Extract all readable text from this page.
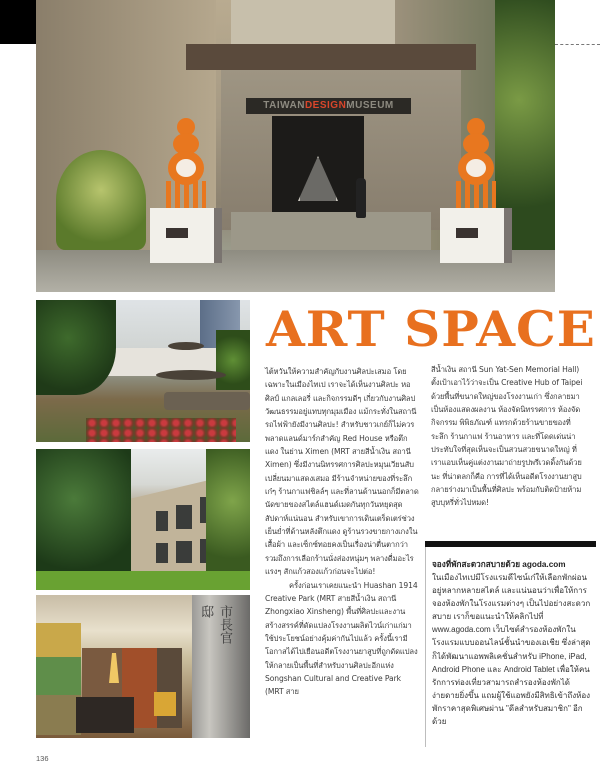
TAIWANDESIGNMUSEUM
市長官邸
ART SPACE

ไต้หวันให้ความสำคัญกับงานศิลปะเสมอ โดยเฉพาะในเมืองไทเป เราจะได้เห็นงานศิลปะ หอศิลป์ แกลเลอรี่ และกิจกรรมดีๆ เกี่ยวกับงานศิลปวัฒนธรรมอยู่แทบทุกมุมเมือง แม้กระทั่งในสถานีรถไฟฟ้ายังมีงานศิลปะ! สำหรับชาวเกย์ก็ไม่ควรพลาดแลนด์มาร์กสำคัญ Red House หรือตึกแดง ในย่าน Ximen (MRT สายสีน้ำเงิน สถานี Ximen) ซึ่งมีงานนิทรรศการศิลปะหมุนเวียนสับเปลี่ยนมาแสดงเสมอ มีร้านจำหน่ายของที่ระลึกเก๋ๆ ร้านกาแฟชิลล์ๆ และที่ลานด้านนอกก็มีตลาดนัดขายของสไตล์แฮนด์เมดกันทุกวันหยุดสุดสัปดาห์แน่นอน สำหรับเขาการเดินเตร็ดเตร่ช่วงเย็นย่ำที่ด้านหลังตึกแดง ดูร้านรวงขายกางเกงใน เสื้อผ้า และเซ็กซ์ทอยคงเป็นเรื่องน่าตื่นตากว่า รวมถึงการเลือกร้านนั่งส่องหนุ่มๆ พลางดื่มอะไรแรงๆ สักแก้วสองแก้วก่อนจะไปต่อ!

ครั้งก่อนเราเคยแนะนำ Huashan 1914 Creative Park (MRT สายสีน้ำเงิน สถานี Zhongxiao Xinsheng) พื้นที่ศิลปะและงานสร้างสรรค์ที่ดัดแปลงโรงงานผลิตไวน์เก่าแก่มาใช้ประโยชน์อย่างคุ้มค่ากันไปแล้ว ครั้งนี้เรามีโอกาสได้ไปเยือนอดีตโรงงานยาสูบที่ถูกดัดแปลงให้กลายเป็นพื้นที่สำหรับงานศิลปะอีกแห่ง Songshan Cultural and Creative Park (MRT สาย

สีน้ำเงิน สถานี Sun Yat-Sen Memorial Hall) ตั้งเป้าเอาไว้ว่าจะเป็น Creative Hub of Taipei ด้วยพื้นที่ขนาดใหญ่ของโรงงานเก่า ซึ่งกลายมาเป็นห้องแสดงผลงาน ห้องจัดนิทรรศการ ห้องจัดกิจกรรม พิพิธภัณฑ์ แทรกด้วยร้านขายของที่ระลึก ร้านกาแฟ ร้านอาหาร และที่โดดเด่นน่าประทับใจที่สุดเห็นจะเป็นสวนสวยขนาดใหญ่ ที่เราแอบเห็นคู่แต่งงานมาถ่ายรูปพรีเวดดิ้งกันด้วยนะ ที่น่าตลกก็คือ การที่ได้เห็นอดีตโรงงานยาสูบกลายร่างมาเป็นพื้นที่ศิลปะ พร้อมกับติดป้ายห้ามสูบบุหรี่ทั่วไปหมด!

จองที่พักสะดวกสบายด้วย agoda.com
ในเมืองไทเปมีโรงแรมดีไซน์เก๋ให้เลือกพักผ่อนอยู่หลากหลายสไตล์ และแน่นอนว่าเพื่อให้การจองห้องพักในโรงแรมต่างๆ เป็นไปอย่างสะดวกสบาย เราก็ขอแนะนำให้คลิกไปที่ www.agoda.com เว็บไซต์สำรองห้องพักในโรงแรมแบบออนไลน์ชั้นนำของเอเชีย ซึ่งล่าสุดก็ได้พัฒนาแอพพลิเคชั่นสำหรับ iPhone, iPad, Android Phone และ Android Tablet เพื่อให้คนรักการท่องเที่ยวสามารถสำรองห้องพักได้ง่ายดายยิ่งขึ้น แถมผู้ใช้แอพยังมีสิทธิเข้าถึงห้องพักราคาสุดพิเศษผ่าน "ดีลสำหรับสมาชิก" อีกด้วย
136
